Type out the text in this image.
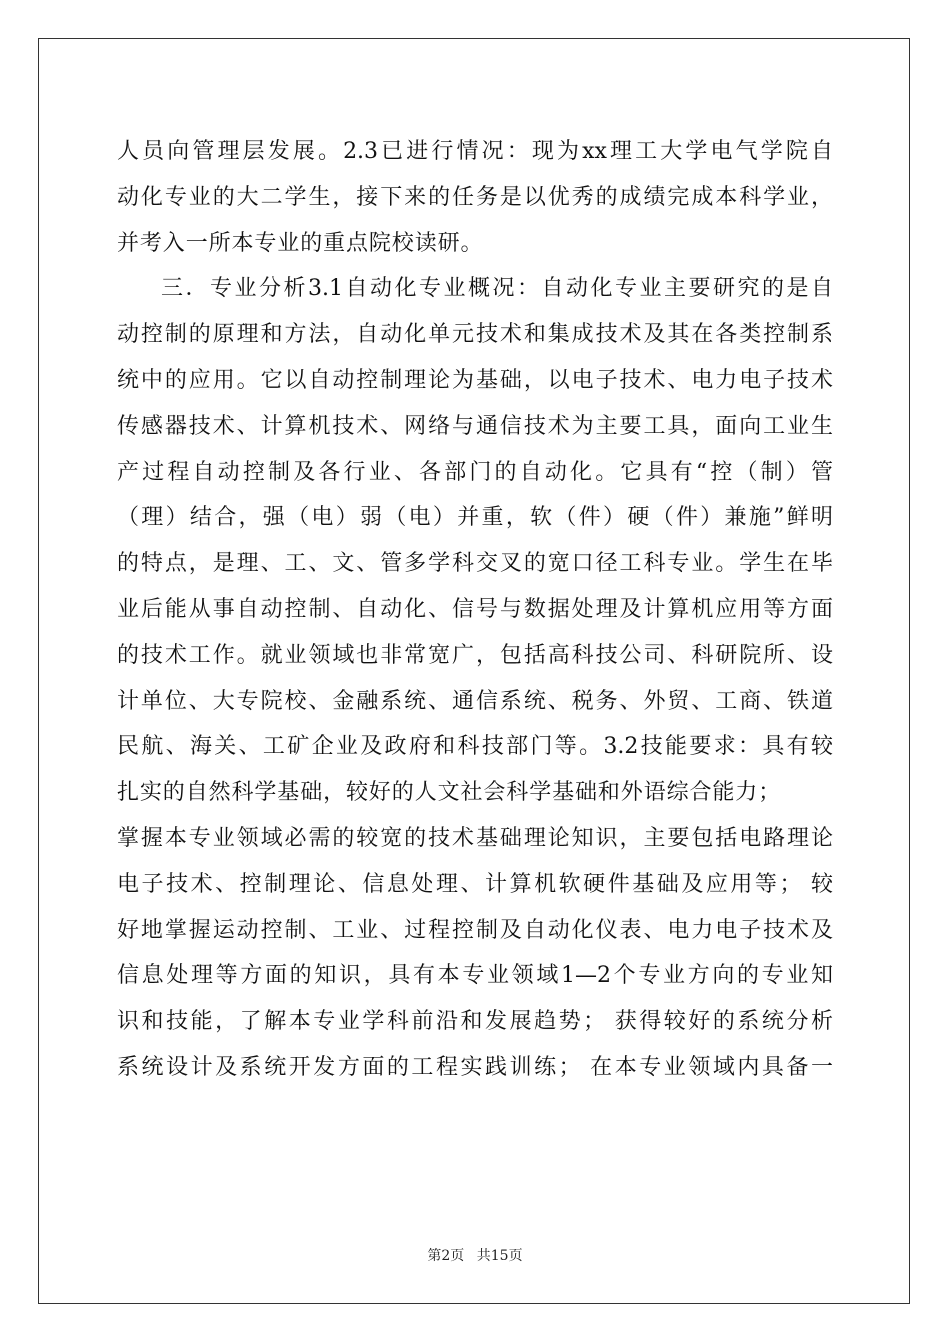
人员向管理层发展。2.3已进行情况：现为xx理工大学电气学院自
动化专业的大二学生，接下来的任务是以优秀的成绩完成本科学业，
并考入一所本专业的重点院校读研。
三．专业分析3.1自动化专业概况：自动化专业主要研究的是自
动控制的原理和方法，自动化单元技术和集成技术及其在各类控制系
统中的应用。它以自动控制理论为基础，以电子技术、电力电子技术
传感器技术、计算机技术、网络与通信技术为主要工具，面向工业生
产过程自动控制及各行业、各部门的自动化。它具有“控（制）管
（理）结合，强（电）弱（电）并重，软（件）硬（件）兼施”鲜明
的特点，是理、工、文、管多学科交叉的宽口径工科专业。学生在毕
业后能从事自动控制、自动化、信号与数据处理及计算机应用等方面
的技术工作。就业领域也非常宽广，包括高科技公司、科研院所、设
计单位、大专院校、金融系统、通信系统、税务、外贸、工商、铁道
民航、海关、工矿企业及政府和科技部门等。3.2技能要求：具有较
扎实的自然科学基础，较好的人文社会科学基础和外语综合能力；
掌握本专业领域必需的较宽的技术基础理论知识，主要包括电路理论
电子技术、控制理论、信息处理、计算机软硬件基础及应用等； 较
好地掌握运动控制、工业、过程控制及自动化仪表、电力电子技术及
信息处理等方面的知识，具有本专业领域1—2个专业方向的专业知
识和技能，了解本专业学科前沿和发展趋势； 获得较好的系统分析
系统设计及系统开发方面的工程实践训练； 在本专业领域内具备一
第2页 共15页
